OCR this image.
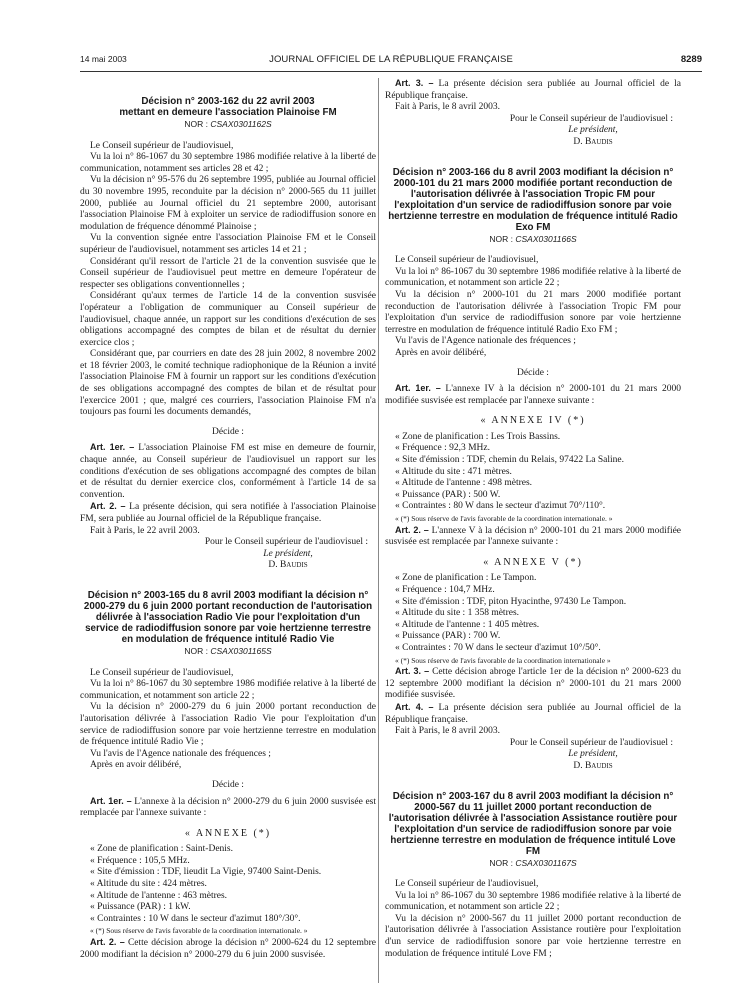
14 mai 2003	JOURNAL OFFICIEL DE LA RÉPUBLIQUE FRANÇAISE	8289

Décision n° 2003-162 du 22 avril 2003

mettant en demeure l'association Plainoise FM

NOR : CSAX0301162S

Le Conseil supérieur de l'audiovisuel,

Vu la loi n° 86-1067 du 30 septembre 1986 modifiée relative à la liberté de communication, notamment ses articles 28 et 42 ;

Vu la décision n° 95-576 du 26 septembre 1995, publiée au Journal officiel du 30 novembre 1995, reconduite par la décision n° 2000-565 du 11 juillet 2000, publiée au Journal officiel du 21 septembre 2000, autorisant l'association Plainoise FM à exploiter un service de radiodiffusion sonore en modulation de fréquence dénommé Plainoise ;

Vu la convention signée entre l'association Plainoise FM et le Conseil supérieur de l'audiovisuel, notamment ses articles 14 et 21 ;

Considérant qu'il ressort de l'article 21 de la convention susvisée que le Conseil supérieur de l'audiovisuel peut mettre en demeure l'opérateur de respecter ses obligations conventionnelles ;

Considérant qu'aux termes de l'article 14 de la convention susvisée l'opérateur a l'obligation de communiquer au Conseil supérieur de l'audiovisuel, chaque année, un rapport sur les conditions d'exécution de ses obligations accompagné des comptes de bilan et de résultat du dernier exercice clos ;

Considérant que, par courriers en date des 28 juin 2002, 8 novembre 2002 et 18 février 2003, le comité technique radiophonique de la Réunion a invité l'association Plainoise FM à fournir un rapport sur les conditions d'exécution de ses obligations accompagné des comptes de bilan et de résultat pour l'exercice 2001 ; que, malgré ces courriers, l'association Plainoise FM n'a toujours pas fourni les documents demandés,

Décide :

Art. 1er. – L'association Plainoise FM est mise en demeure de fournir, chaque année, au Conseil supérieur de l'audiovisuel un rapport sur les conditions d'exécution de ses obligations accompagné des comptes de bilan et de résultat du dernier exercice clos, conformément à l'article 14 de sa convention.

Art. 2. – La présente décision, qui sera notifiée à l'association Plainoise FM, sera publiée au Journal officiel de la République française.

Fait à Paris, le 22 avril 2003.

Pour le Conseil supérieur de l'audiovisuel :

Le président,

D. Baudis

Décision n° 2003-165 du 8 avril 2003 modifiant la décision n° 2000-279 du 6 juin 2000 portant reconduction de l'autorisation délivrée à l'association Radio Vie pour l'exploitation d'un service de radiodiffusion sonore par voie hertzienne terrestre en modulation de fréquence intitulé Radio Vie

NOR : CSAX0301165S

Le Conseil supérieur de l'audiovisuel,

Vu la loi n° 86-1067 du 30 septembre 1986 modifiée relative à la liberté de communication, et notamment son article 22 ;

Vu la décision n° 2000-279 du 6 juin 2000 portant reconduction de l'autorisation délivrée à l'association Radio Vie pour l'exploitation d'un service de radiodiffusion sonore par voie hertzienne terrestre en modulation de fréquence intitulé Radio Vie ;

Vu l'avis de l'Agence nationale des fréquences ;

Après en avoir délibéré,

Décide :

Art. 1er. – L'annexe à la décision n° 2000-279 du 6 juin 2000 susvisée est remplacée par l'annexe suivante :

« ANNEXE (*)

« Zone de planification : Saint-Denis.

« Fréquence : 105,5 MHz.

« Site d'émission : TDF, lieudit La Vigie, 97400 Saint-Denis.

« Altitude du site : 424 mètres.

« Altitude de l'antenne : 463 mètres.

« Puissance (PAR) : 1 kW.

« Contraintes : 10 W dans le secteur d'azimut 180°/30°.

« (*) Sous réserve de l'avis favorable de la coordination internationale. »

Art. 2. – Cette décision abroge la décision n° 2000-624 du 12 septembre 2000 modifiant la décision n° 2000-279 du 6 juin 2000 susvisée.

Art. 3. – La présente décision sera publiée au Journal officiel de la République française.

Fait à Paris, le 8 avril 2003.

Pour le Conseil supérieur de l'audiovisuel :

Le président,

D. Baudis

Décision n° 2003-166 du 8 avril 2003 modifiant la décision n° 2000-101 du 21 mars 2000 modifiée portant reconduction de l'autorisation délivrée à l'association Tropic FM pour l'exploitation d'un service de radiodiffusion sonore par voie hertzienne terrestre en modulation de fréquence intitulé Radio Exo FM

NOR : CSAX0301166S

Le Conseil supérieur de l'audiovisuel,

Vu la loi n° 86-1067 du 30 septembre 1986 modifiée relative à la liberté de communication, et notamment son article 22 ;

Vu la décision n° 2000-101 du 21 mars 2000 modifiée portant reconduction de l'autorisation délivrée à l'association Tropic FM pour l'exploitation d'un service de radiodiffusion sonore par voie hertzienne terrestre en modulation de fréquence intitulé Radio Exo FM ;

Vu l'avis de l'Agence nationale des fréquences ;

Après en avoir délibéré,

Décide :

Art. 1er. – L'annexe IV à la décision n° 2000-101 du 21 mars 2000 modifiée susvisée est remplacée par l'annexe suivante :

« ANNEXE IV (*)

« Zone de planification : Les Trois Bassins.

« Fréquence : 92,3 MHz.

« Site d'émission : TDF, chemin du Relais, 97422 La Saline.

« Altitude du site : 471 mètres.

« Altitude de l'antenne : 498 mètres.

« Puissance (PAR) : 500 W.

« Contraintes : 80 W dans le secteur d'azimut 70°/110°.

« (*) Sous réserve de l'avis favorable de la coordination internationale. »

Art. 2. – L'annexe V à la décision n° 2000-101 du 21 mars 2000 modifiée susvisée est remplacée par l'annexe suivante :

« ANNEXE V (*)

« Zone de planification : Le Tampon.

« Fréquence : 104,7 MHz.

« Site d'émission : TDF, piton Hyacinthe, 97430 Le Tampon.

« Altitude du site : 1 358 mètres.

« Altitude de l'antenne : 1 405 mètres.

« Puissance (PAR) : 700 W.

« Contraintes : 70 W dans le secteur d'azimut 10°/50°.

« (*) Sous réserve de l'avis favorable de la coordination internationale »

Art. 3. – Cette décision abroge l'article 1er de la décision n° 2000-623 du 12 septembre 2000 modifiant la décision n° 2000-101 du 21 mars 2000 modifiée susvisée.

Art. 4. – La présente décision sera publiée au Journal officiel de la République française.

Fait à Paris, le 8 avril 2003.

Pour le Conseil supérieur de l'audiovisuel :

Le président,

D. Baudis

Décision n° 2003-167 du 8 avril 2003 modifiant la décision n° 2000-567 du 11 juillet 2000 portant reconduction de l'autorisation délivrée à l'association Assistance routière pour l'exploitation d'un service de radiodiffusion sonore par voie hertzienne terrestre en modulation de fréquence intitulé Love FM

NOR : CSAX0301167S

Le Conseil supérieur de l'audiovisuel,

Vu la loi n° 86-1067 du 30 septembre 1986 modifiée relative à la liberté de communication, et notamment son article 22 ;

Vu la décision n° 2000-567 du 11 juillet 2000 portant reconduction de l'autorisation délivrée à l'association Assistance routière pour l'exploitation d'un service de radiodiffusion sonore par voie hertzienne terrestre en modulation de fréquence intitulé Love FM ;
